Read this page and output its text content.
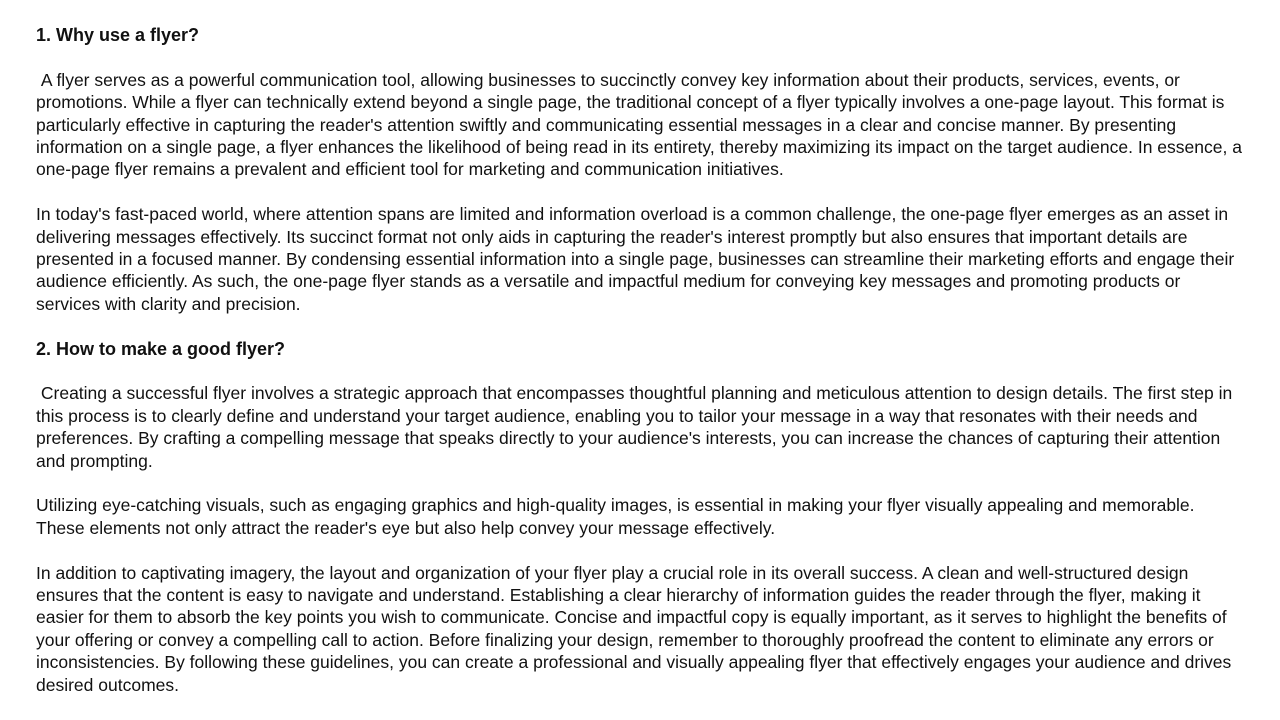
1. Why use a flyer?

A flyer serves as a powerful communication tool, allowing businesses to succinctly convey key information about their products, services, events, or promotions. While a flyer can technically extend beyond a single page, the traditional concept of a flyer typically involves a one-page layout. This format is particularly effective in capturing the reader's attention swiftly and communicating essential messages in a clear and concise manner. By presenting information on a single page, a flyer enhances the likelihood of being read in its entirety, thereby maximizing its impact on the target audience. In essence, a one-page flyer remains a prevalent and efficient tool for marketing and communication initiatives.

In today's fast-paced world, where attention spans are limited and information overload is a common challenge, the one-page flyer emerges as an asset in delivering messages effectively. Its succinct format not only aids in capturing the reader's interest promptly but also ensures that important details are presented in a focused manner. By condensing essential information into a single page, businesses can streamline their marketing efforts and engage their audience efficiently. As such, the one-page flyer stands as a versatile and impactful medium for conveying key messages and promoting products or services with clarity and precision.

2. How to make a good flyer?

Creating a successful flyer involves a strategic approach that encompasses thoughtful planning and meticulous attention to design details. The first step in this process is to clearly define and understand your target audience, enabling you to tailor your message in a way that resonates with their needs and preferences. By crafting a compelling message that speaks directly to your audience's interests, you can increase the chances of capturing their attention and prompting.

Utilizing eye-catching visuals, such as engaging graphics and high-quality images, is essential in making your flyer visually appealing and memorable. These elements not only attract the reader's eye but also help convey your message effectively.

In addition to captivating imagery, the layout and organization of your flyer play a crucial role in its overall success. A clean and well-structured design ensures that the content is easy to navigate and understand. Establishing a clear hierarchy of information guides the reader through the flyer, making it easier for them to absorb the key points you wish to communicate. Concise and impactful copy is equally important, as it serves to highlight the benefits of your offering or convey a compelling call to action. Before finalizing your design, remember to thoroughly proofread the content to eliminate any errors or inconsistencies. By following these guidelines, you can create a professional and visually appealing flyer that effectively engages your audience and drives desired outcomes.
